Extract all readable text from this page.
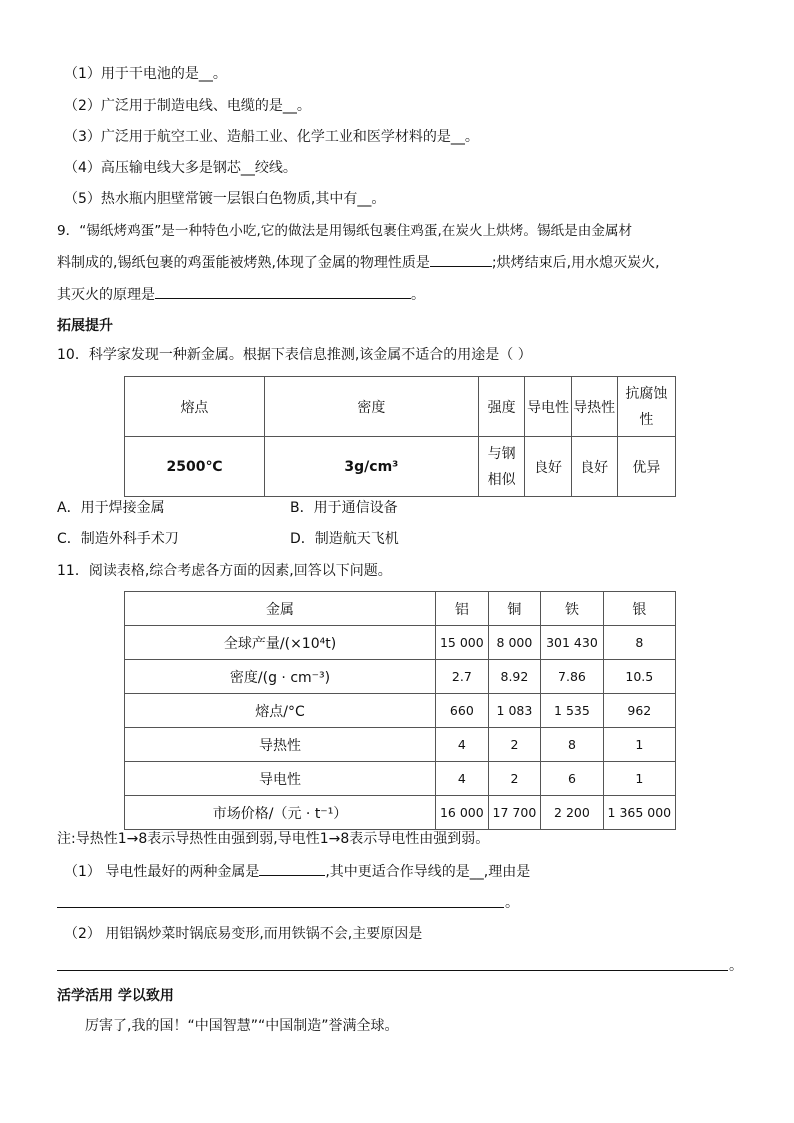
（1）用于干电池的是__。
（2）广泛用于制造电线、电缆的是__。
（3）广泛用于航空工业、造船工业、化学工业和医学材料的是__。
（4）高压输电线大多是钢芯__绞线。
（5）热水瓶内胆壁常镀一层银白色物质,其中有__。
9．“锡纸烤鸡蛋”是一种特色小吃,它的做法是用锡纸包裹住鸡蛋,在炭火上烘烤。锡纸是由金属材
料制成的,锡纸包裹的鸡蛋能被烤熟,体现了金属的物理性质是	;烘烤结束后,用水熄灭炭火,
其灭火的原理是	。
拓展提升
10．科学家发现一种新金属。根据下表信息推测,该金属不适合的用途是（ ）
熔点	密度	强度	导电性	导热性	抗腐蚀性
2500℃	3g/cm³	与钢相似	良好	良好	优异
A．用于焊接金属	B．用于通信设备
C．制造外科手术刀	D．制造航天飞机
11．阅读表格,综合考虑各方面的因素,回答以下问题。
金属	铝	铜	铁	银
全球产量/(×10⁴t)	15 000	8 000	301 430	8
密度/(g · cm⁻³)	2.7	8.92	7.86	10.5
熔点/°C	660	1 083	1 535	962
导热性	4	2	8	1
导电性	4	2	6	1
市场价格/（元 · t⁻¹）	16 000	17 700	2 200	1 365 000
注:导热性1→8表示导热性由强到弱,导电性1→8表示导电性由强到弱。
（1） 导电性最好的两种金属是	,其中更适合作导线的是__,理由是
。
（2） 用铝锅炒菜时锅底易变形,而用铁锅不会,主要原因是
。
活学活用 学以致用
厉害了,我的国！“中国智慧”“中国制造”誉满全球。
